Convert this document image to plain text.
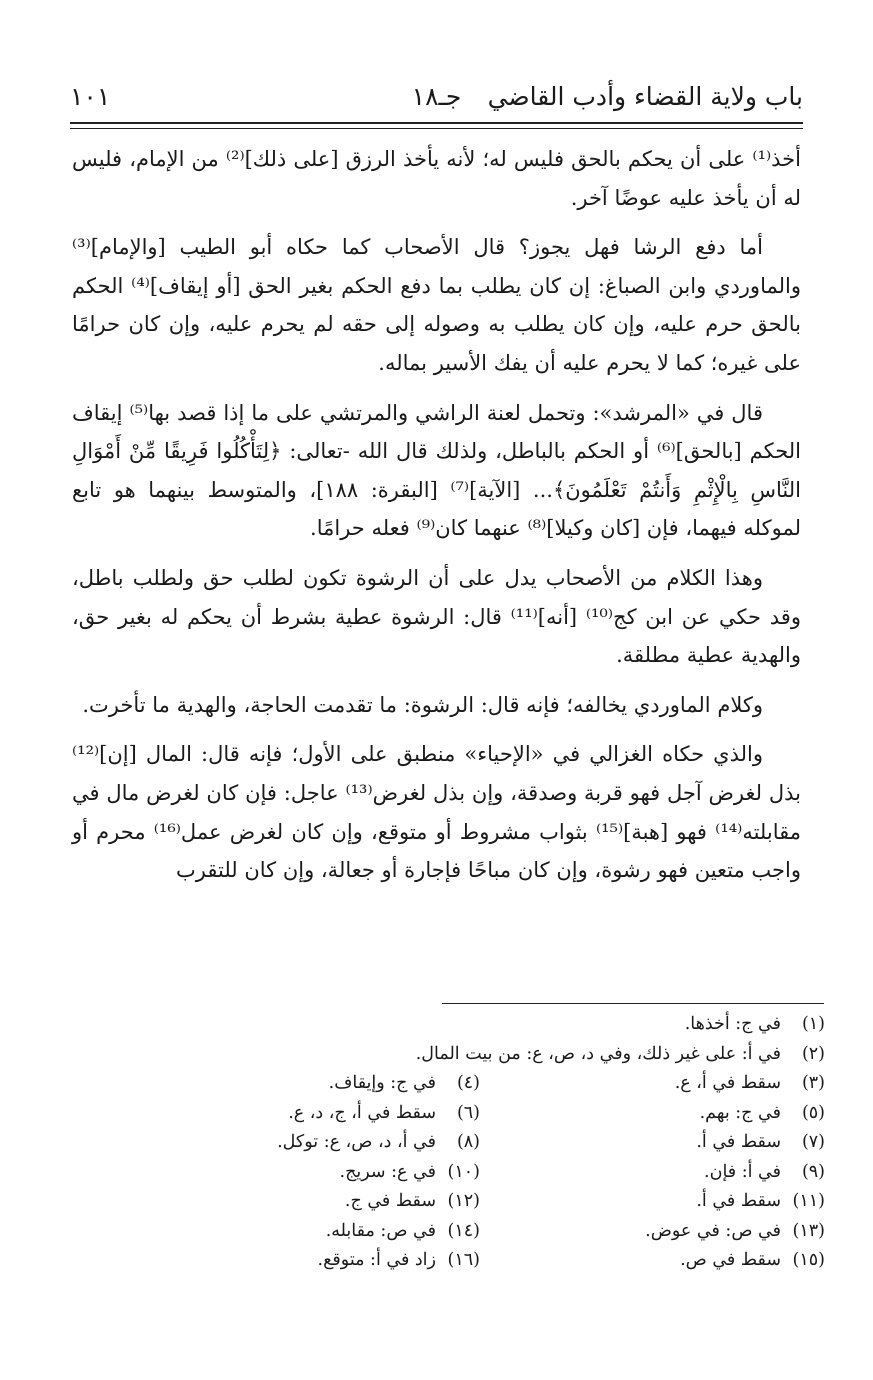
باب ولاية القضاء وأدب القاضي
جـ١٨
١٠١

أخذ⁽¹⁾ على أن يحكم بالحق فليس له؛ لأنه يأخذ الرزق [على ذلك]⁽²⁾ من الإمام، فليس له أن يأخذ عليه عوضًا آخر.

أما دفع الرشا فهل يجوز؟ قال الأصحاب كما حكاه أبو الطيب [والإمام]⁽³⁾ والماوردي وابن الصباغ: إن كان يطلب بما دفع الحكم بغير الحق [أو إيقاف]⁽⁴⁾ الحكم بالحق حرم عليه، وإن كان يطلب به وصوله إلى حقه لم يحرم عليه، وإن كان حرامًا على غيره؛ كما لا يحرم عليه أن يفك الأسير بماله.

قال في «المرشد»: وتحمل لعنة الراشي والمرتشي على ما إذا قصد بها⁽⁵⁾ إيقاف الحكم [بالحق]⁽⁶⁾ أو الحكم بالباطل، ولذلك قال الله -تعالى: ﴿لِتَأْكُلُوا فَرِيقًا مِّنْ أَمْوَالِ النَّاسِ بِالْإِثْمِ وَأَنتُمْ تَعْلَمُونَ﴾... [الآية]⁽⁷⁾ [البقرة: ١٨٨]، والمتوسط بينهما هو تابع لموكله فيهما، فإن [كان وكيلا]⁽⁸⁾ عنهما كان⁽⁹⁾ فعله حرامًا.

وهذا الكلام من الأصحاب يدل على أن الرشوة تكون لطلب حق ولطلب باطل، وقد حكي عن ابن كج⁽¹⁰⁾ [أنه]⁽¹¹⁾ قال: الرشوة عطية بشرط أن يحكم له بغير حق، والهدية عطية مطلقة.

وكلام الماوردي يخالفه؛ فإنه قال: الرشوة: ما تقدمت الحاجة، والهدية ما تأخرت.

والذي حكاه الغزالي في «الإحياء» منطبق على الأول؛ فإنه قال: المال [إن]⁽¹²⁾ بذل لغرض آجل فهو قربة وصدقة، وإن بذل لغرض⁽¹³⁾ عاجل: فإن كان لغرض مال في مقابلته⁽¹⁴⁾ فهو [هبة]⁽¹⁵⁾ بثواب مشروط أو متوقع، وإن كان لغرض عمل⁽¹⁶⁾ محرم أو واجب متعين فهو رشوة، وإن كان مباحًا فإجارة أو جعالة، وإن كان للتقرب

(١)في ج: أخذها.
(٢)في أ: على غير ذلك، وفي د، ص، ع: من بيت المال.
(٣)سقط في أ، ع.
(٤)في ج: وإيقاف.
(٥)في ج: بهم.
(٦)سقط في أ، ج، د، ع.
(٧)سقط في أ.
(٨)في أ، د، ص، ع: توكل.
(٩)في أ: فإن.
(١٠)في ع: سريج.
(١١)سقط في أ.
(١٢)سقط في ج.
(١٣)في ص: في عوض.
(١٤)في ص: مقابله.
(١٥)سقط في ص.
(١٦)زاد في أ: متوقع.
